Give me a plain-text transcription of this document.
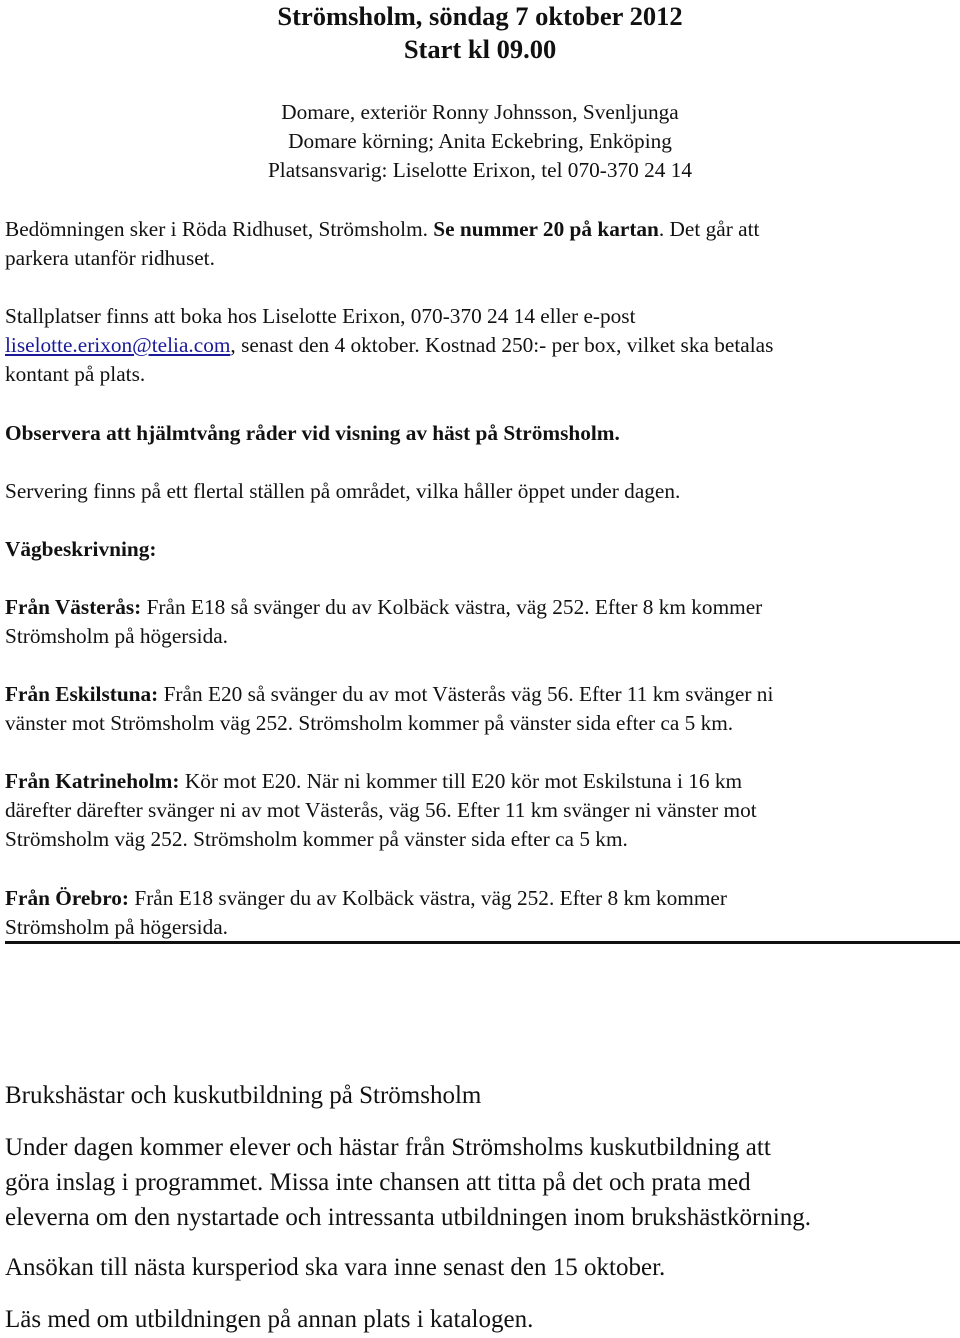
Strömsholm, söndag 7 oktober 2012
Start kl 09.00
Domare, exteriör Ronny Johnsson, Svenljunga
Domare körning; Anita Eckebring, Enköping
Platsansvarig: Liselotte Erixon, tel 070-370 24 14
Bedömningen sker i Röda Ridhuset, Strömsholm. Se nummer 20 på kartan. Det går att
parkera utanför ridhuset.
Stallplatser finns att boka hos Liselotte Erixon, 070-370 24 14 eller e-post
liselotte.erixon@telia.com, senast den 4 oktober. Kostnad 250:- per box, vilket ska betalas
kontant på plats.
Observera att hjälmtvång råder vid visning av häst på Strömsholm.
Servering finns på ett flertal ställen på området, vilka håller öppet under dagen.
Vägbeskrivning:
Från Västerås: Från E18 så svänger du av Kolbäck västra, väg 252. Efter 8 km kommer
Strömsholm på högersida.
Från Eskilstuna: Från E20 så svänger du av mot Västerås väg 56. Efter 11 km svänger ni
vänster mot Strömsholm väg 252. Strömsholm kommer på vänster sida efter ca 5 km.
Från Katrineholm: Kör mot E20. När ni kommer till E20 kör mot Eskilstuna i 16 km
därefter därefter svänger ni av mot Västerås, väg 56. Efter 11 km svänger ni vänster mot
Strömsholm väg 252. Strömsholm kommer på vänster sida efter ca 5 km.
Från Örebro: Från E18 svänger du av Kolbäck västra, väg 252. Efter 8 km kommer
Strömsholm på högersida.
Brukshästar och kuskutbildning på Strömsholm
Under dagen kommer elever och hästar från Strömsholms kuskutbildning att
göra inslag i programmet. Missa inte chansen att titta på det och prata med
eleverna om den nystartade och intressanta utbildningen inom brukshästkörning.
Ansökan till nästa kursperiod ska vara inne senast den 15 oktober.
Läs med om utbildningen på annan plats i katalogen.
